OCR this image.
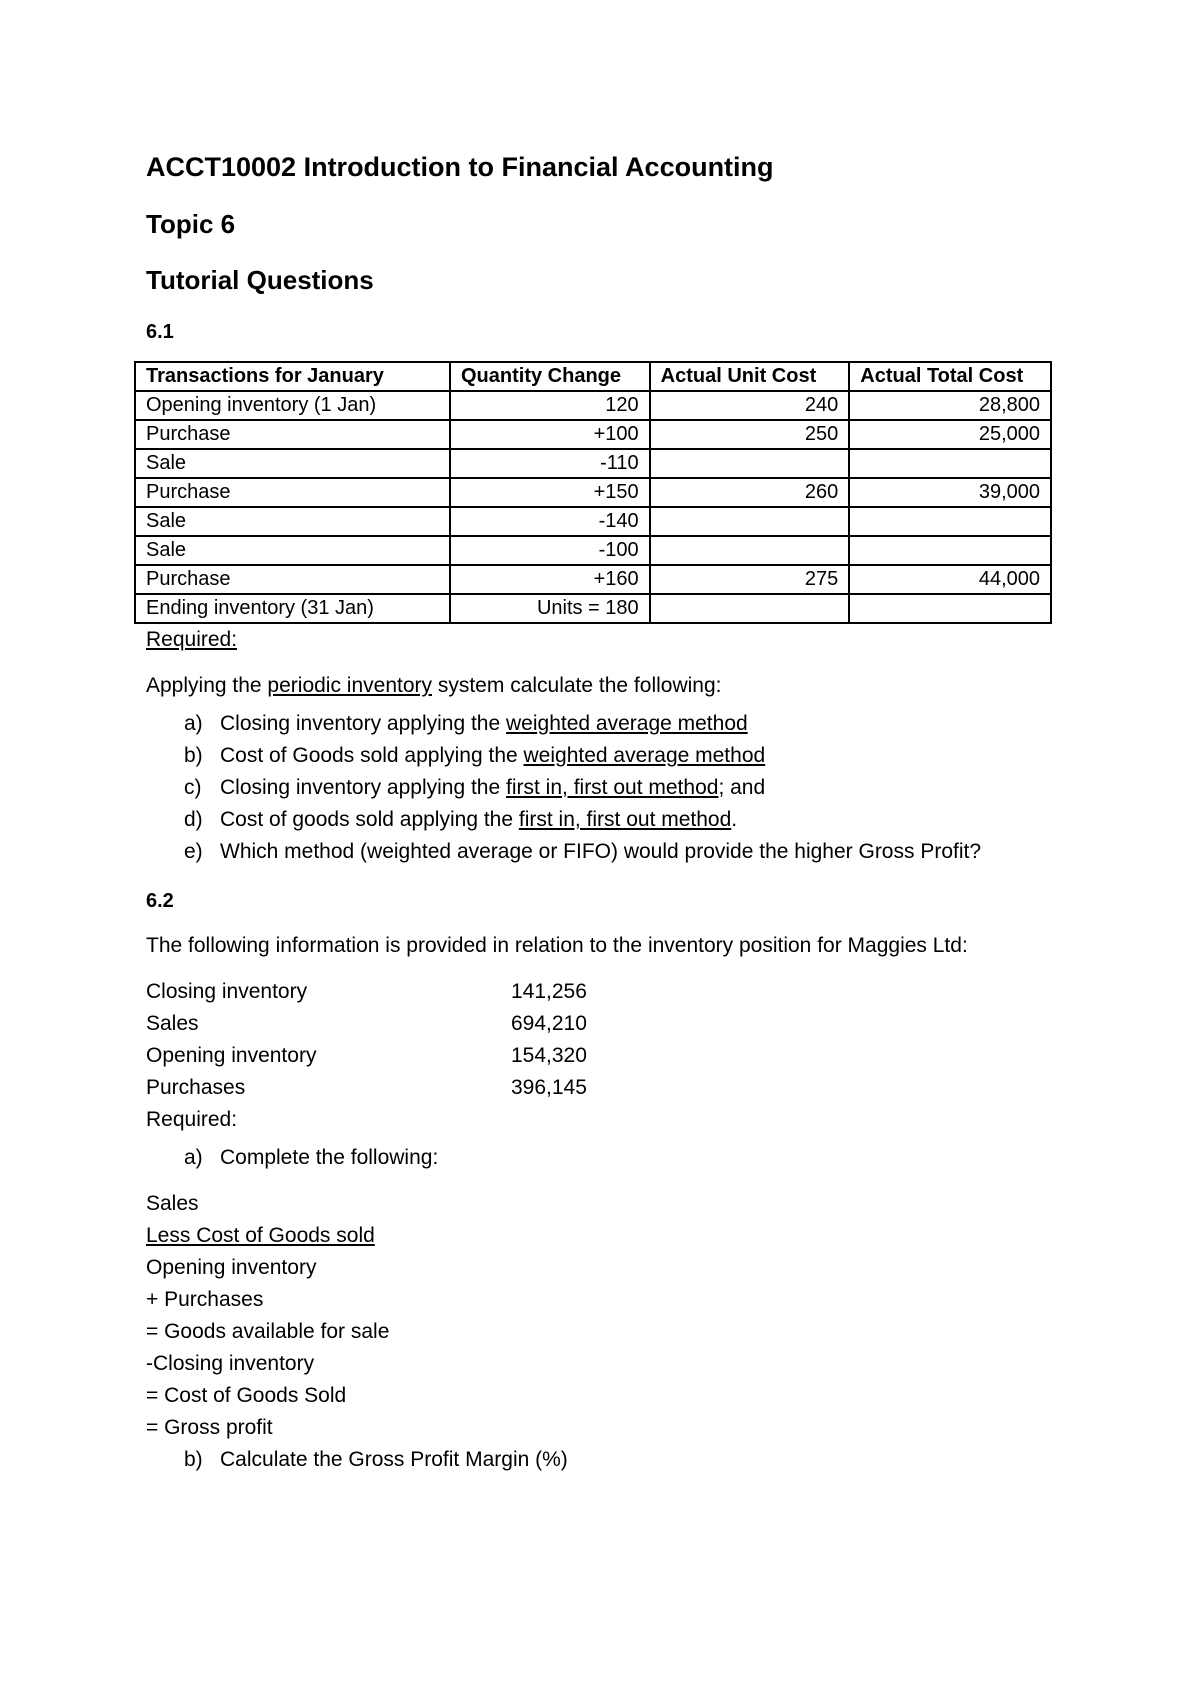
ACCT10002 Introduction to Financial Accounting
Topic 6
Tutorial Questions
6.1
Transactions for January	Quantity Change	Actual Unit Cost	Actual Total Cost
Opening inventory (1 Jan)	120	240	28,800
Purchase	+100	250	25,000
Sale	-110		
Purchase	+150	260	39,000
Sale	-140		
Sale	-100		
Purchase	+160	275	44,000
Ending inventory (31 Jan)	Units = 180		

Required:

Applying the periodic inventory system calculate the following:

a) Closing inventory applying the weighted average method
b) Cost of Goods sold applying the weighted average method
c) Closing inventory applying the first in, first out method; and
d) Cost of goods sold applying the first in, first out method.
e) Which method (weighted average or FIFO) would provide the higher Gross Profit?
6.2

The following information is provided in relation to the inventory position for Maggies Ltd:

Closing inventory	141,256
Sales	694,210
Opening inventory	154,320
Purchases	396,145

Required:

a) Complete the following:

Sales

Less Cost of Goods sold

Opening inventory

+ Purchases

= Goods available for sale

-Closing inventory

= Cost of Goods Sold

= Gross profit

b) Calculate the Gross Profit Margin (%)
